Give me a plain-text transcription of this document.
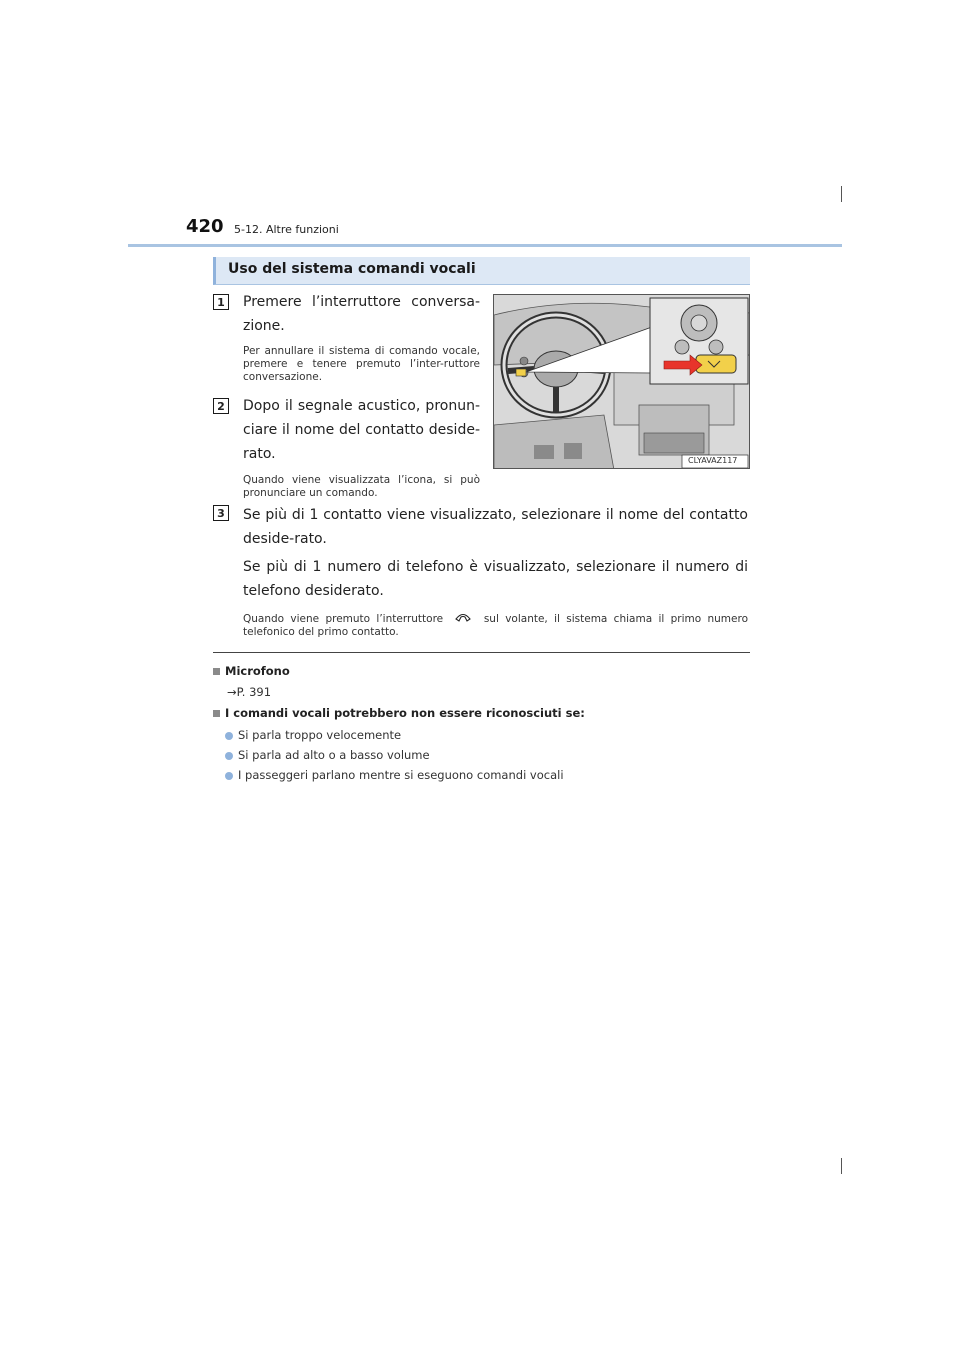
420 5-12. Altre funzioni
Uso del sistema comandi vocali
1 Premere l’interruttore conversa-
zione.
Per annullare il sistema di comando vocale, premere e tenere premuto l’inter-ruttore conversazione.
2 Dopo il segnale acustico, pronun-
ciare il nome del contatto deside-
rato.
Quando viene visualizzata l’icona, si può pronunciare un comando.
CLYAVAZ117
3 Se più di 1 contatto viene visualizzato, selezionare il nome del contatto deside-rato.
Se più di 1 numero di telefono è visualizzato, selezionare il numero di telefono desiderato.
Quando viene premuto l’interruttore	sul volante, il sistema chiama il primo numero telefonico del primo contatto.
Microfono
→P. 391
I comandi vocali potrebbero non essere riconosciuti se:
Si parla troppo velocemente
Si parla ad alto o a basso volume
I passeggeri parlano mentre si eseguono comandi vocali
